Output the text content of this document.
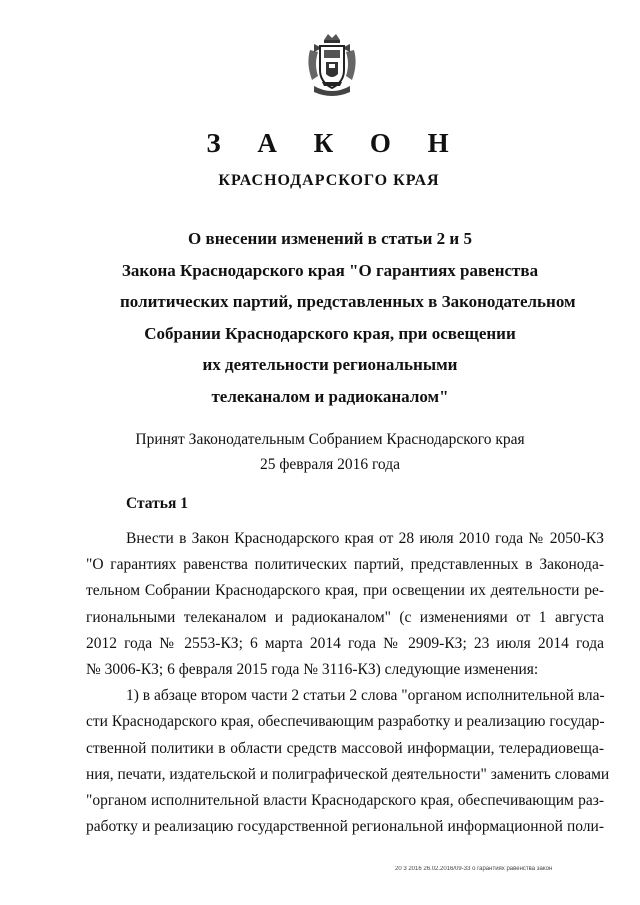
З А К О Н
КРАСНОДАРСКОГО КРАЯ
О внесении изменений в статьи 2 и 5
Закона Краснодарского края "О гарантиях равенства
политических партий, представленных в Законодательном
Собрании Краснодарского края, при освещении
их деятельности региональными
телеканалом и радиоканалом"
Принят Законодательным Собранием Краснодарского края
25 февраля 2016 года
Статья 1
Внести в Закон Краснодарского края от 28 июля 2010 года № 2050-КЗ
"О гарантиях равенства политических партий, представленных в Законода-
тельном Собрании Краснодарского края, при освещении их деятельности ре-
гиональными телеканалом и радиоканалом" (с изменениями от 1 августа
2012 года № 2553-КЗ; 6 марта 2014 года № 2909-КЗ; 23 июля 2014 года
№ 3006-КЗ; 6 февраля 2015 года № 3116-КЗ) следующие изменения:
1) в абзаце втором части 2 статьи 2 слова "органом исполнительной вла-
сти Краснодарского края, обеспечивающим разработку и реализацию государ-
ственной политики в области средств массовой информации, телерадиовеща-
ния, печати, издательской и полиграфической деятельности" заменить словами
"органом исполнительной власти Краснодарского края, обеспечивающим раз-
работку и реализацию государственной региональной информационной поли-
20 3 2016 26.02.2016/09-33 о гарантиях равенства закон
